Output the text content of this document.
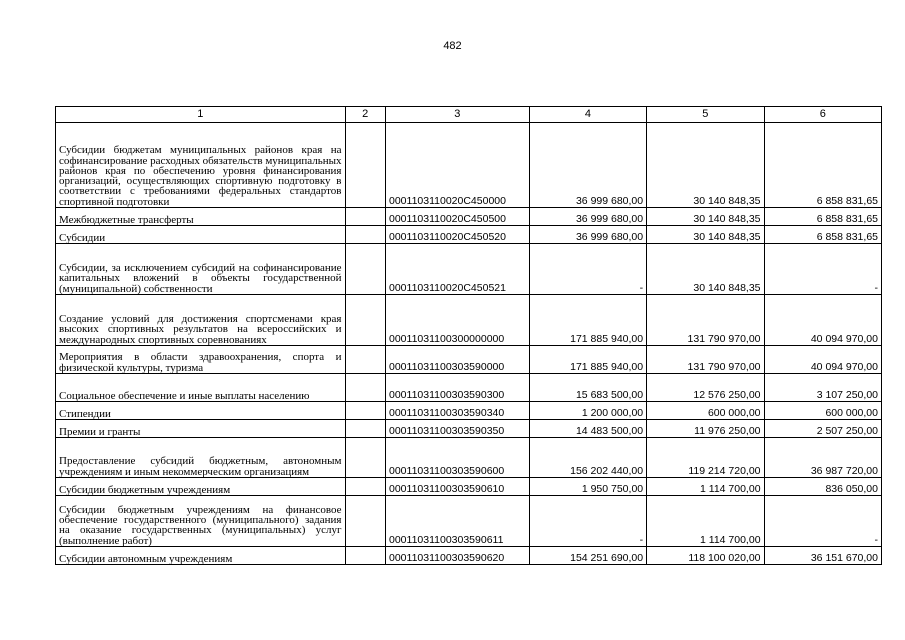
482
1	2	3	4	5	6
Субсидии бюджетам муниципальных районов края на софинансирование расходных обязательств муниципальных районов края по обеспечению уровня финансирования организаций, осуществляющих спортивную подготовку в соответствии с требованиями федеральных стандартов спортивной подготовки		0001103110020С450000	36 999 680,00	30 140 848,35	6 858 831,65
Межбюджетные трансферты		0001103110020С450500	36 999 680,00	30 140 848,35	6 858 831,65
Субсидии		0001103110020С450520	36 999 680,00	30 140 848,35	6 858 831,65
Субсидии, за исключением субсидий на софинансирование капитальных вложений в объекты государственной (муниципальной) собственности		0001103110020С450521	-	30 140 848,35	-
Создание условий для достижения спортсменами края высоких спортивных результатов на всероссийских и международных спортивных соревнованиях		00011031100300000000	171 885 940,00	131 790 970,00	40 094 970,00
Мероприятия в области здравоохранения, спорта и физической культуры, туризма		00011031100303590000	171 885 940,00	131 790 970,00	40 094 970,00
Социальное обеспечение и иные выплаты населению		00011031100303590300	15 683 500,00	12 576 250,00	3 107 250,00
Стипендии		00011031100303590340	1 200 000,00	600 000,00	600 000,00
Премии и гранты		00011031100303590350	14 483 500,00	11 976 250,00	2 507 250,00
Предоставление субсидий бюджетным, автономным учреждениям и иным некоммерческим организациям		00011031100303590600	156 202 440,00	119 214 720,00	36 987 720,00
Субсидии бюджетным учреждениям		00011031100303590610	1 950 750,00	1 114 700,00	836 050,00
Субсидии бюджетным учреждениям на финансовое обеспечение государственного (муниципального) задания на оказание государственных (муниципальных) услуг (выполнение работ)		00011031100303590611	-	1 114 700,00	-
Субсидии автономным учреждениям		00011031100303590620	154 251 690,00	118 100 020,00	36 151 670,00
